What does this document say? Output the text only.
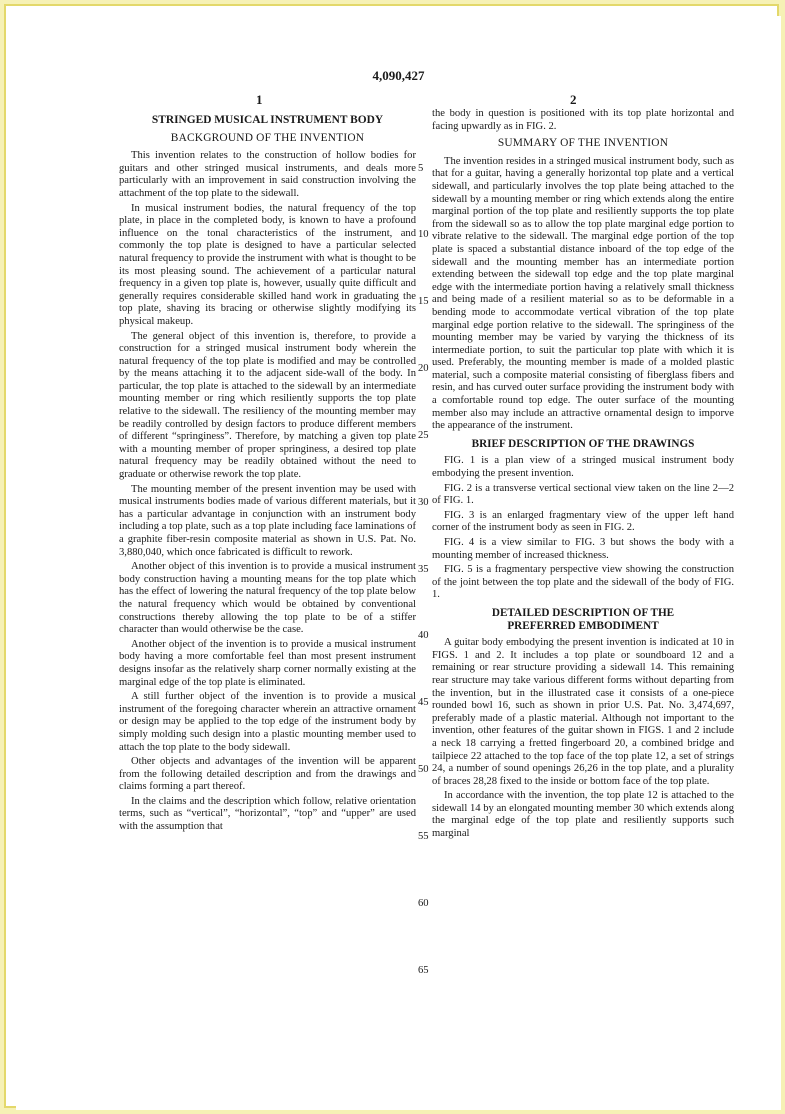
4,090,427
1	2
STRINGED MUSICAL INSTRUMENT BODY
BACKGROUND OF THE INVENTION

This invention relates to the construction of hollow bodies for guitars and other stringed musical instruments, and deals more particularly with an improvement in said construction involving the attachment of the top plate to the sidewall.

In musical instrument bodies, the natural frequency of the top plate, in place in the completed body, is known to have a profound influence on the tonal characteristics of the instrument, and commonly the top plate is designed to have a particular selected natural frequency to provide the instrument with what is thought to be its most pleasing sound. The achievement of a particular natural frequency in a given top plate is, however, usually quite difficult and generally requires considerable skilled hand work in graduating the top plate, shaving its bracing or otherwise slightly modifying its physical makeup.

The general object of this invention is, therefore, to provide a construction for a stringed musical instrument body wherein the natural frequency of the top plate is modified and may be controlled by the means attaching it to the adjacent side-wall of the body. In particular, the top plate is attached to the sidewall by an intermediate mounting member or ring which resiliently supports the top plate relative to the sidewall. The resiliency of the mounting member may be readily controlled by design factors to produce different members of different “springiness”. Therefore, by matching a given top plate with a mounting member of proper springiness, a desired top plate natural frequency may be readily obtained without the need to graduate or otherwise rework the top plate.

The mounting member of the present invention may be used with musical instruments bodies made of various different materials, but it has a particular advantage in conjunction with an instrument body including a top plate, such as a top plate including face laminations of a graphite fiber-resin composite material as shown in U.S. Pat. No. 3,880,040, which once fabricated is difficult to rework.

Another object of this invention is to provide a musical instrument body construction having a mounting means for the top plate which has the effect of lowering the natural frequency of the top plate below the natural frequency which would be obtained by conventional constructions thereby allowing the top plate to be of a stiffer character than would otherwise be the case.

Another object of the invention is to provide a musical instrument body having a more comfortable feel than most present instrument designs insofar as the relatively sharp corner normally existing at the marginal edge of the top plate is eliminated.

A still further object of the invention is to provide a musical instrument of the foregoing character wherein an attractive ornament or design may be applied to the top edge of the instrument body by simply molding such design into a plastic mounting member used to attach the top plate to the body sidewall.

Other objects and advantages of the invention will be apparent from the following detailed description and from the drawings and claims forming a part thereof.

In the claims and the description which follow, relative orientation terms, such as “vertical”, “horizontal”, “top” and “upper” are used with the assumption that

5
10
15
20
25
30
35
40
45
50
55
60
65

the body in question is positioned with its top plate horizontal and facing upwardly as in FIG. 2.

SUMMARY OF THE INVENTION

The invention resides in a stringed musical instrument body, such as that for a guitar, having a generally horizontal top plate and a vertical sidewall, and particularly involves the top plate being attached to the sidewall by a mounting member or ring which extends along the entire marginal portion of the top plate and resiliently supports the top plate from the sidewall so as to allow the top plate marginal edge portion to vibrate relative to the sidewall. The marginal edge portion of the top plate is spaced a substantial distance inboard of the top edge of the sidewall and the mounting member has an intermediate portion extending between the sidewall top edge and the top plate marginal edge with the intermediate portion having a relatively small thickness and being made of a resilient material so as to be deformable in a bending mode to accommodate vertical vibration of the top plate marginal edge portion relative to the sidewall. The springiness of the mounting member may be varied by varying the thickness of its intermediate portion, to suit the particular top plate with which it is used. Preferably, the mounting member is made of a molded plastic material, such a composite material consisting of fiberglass fibers and resin, and has curved outer surface providing the instrument body with a comfortable round top edge. The outer surface of the mounting member also may include an attractive ornamental design to imporve the appearance of the instrument.

BRIEF DESCRIPTION OF THE DRAWINGS

FIG. 1 is a plan view of a stringed musical instrument body embodying the present invention.

FIG. 2 is a transverse vertical sectional view taken on the line 2—2 of FIG. 1.

FIG. 3 is an enlarged fragmentary view of the upper left hand corner of the instrument body as seen in FIG. 2.

FIG. 4 is a view similar to FIG. 3 but shows the body with a mounting member of increased thickness.

FIG. 5 is a fragmentary perspective view showing the construction of the joint between the top plate and the sidewall of the body of FIG. 1.

DETAILED DESCRIPTION OF THE
PREFERRED EMBODIMENT

A guitar body embodying the present invention is indicated at 10 in FIGS. 1 and 2. It includes a top plate or soundboard 12 and a remaining or rear structure providing a sidewall 14. This remaining rear structure may take various different forms without departing from the invention, but in the illustrated case it consists of a one-piece rounded bowl 16, such as shown in prior U.S. Pat. No. 3,474,697, preferably made of a plastic material. Although not important to the invention, other features of the guitar shown in FIGS. 1 and 2 include a neck 18 carrying a fretted fingerboard 20, a combined bridge and tailpiece 22 attached to the top face of the top plate 12, a set of strings 24, a number of sound openings 26,26 in the top plate, and a plurality of braces 28,28 fixed to the inside or bottom face of the top plate.

In accordance with the invention, the top plate 12 is attached to the sidewall 14 by an elongated mounting member 30 which extends along the marginal edge of the top plate and resiliently supports such marginal
